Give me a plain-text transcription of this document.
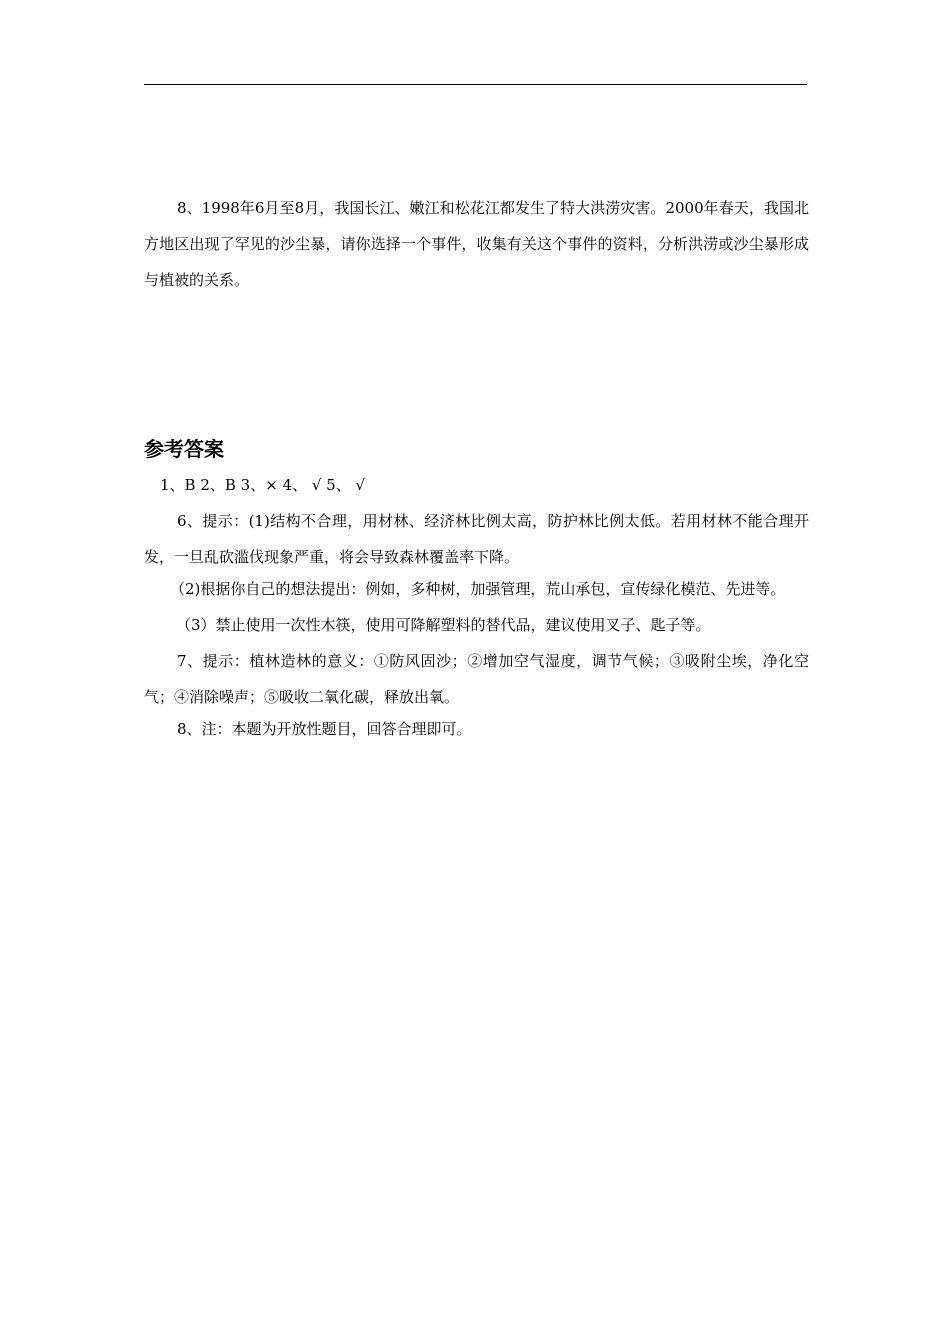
8、1998年6月至8月，我国长江、嫩江和松花江都发生了特大洪涝灾害。2000年春天，我国北方地区出现了罕见的沙尘暴，请你选择一个事件，收集有关这个事件的资料，分析洪涝或沙尘暴形成与植被的关系。

参考答案

1、B 2、B 3、× 4、 √ 5、 √

6、提示：(1)结构不合理，用材林、经济林比例太高，防护林比例太低。若用材林不能合理开发，一旦乱砍滥伐现象严重，将会导致森林覆盖率下降。

（2)根据你自己的想法提出：例如，多种树，加强管理，荒山承包，宣传绿化模范、先进等。

（3）禁止使用一次性木筷，使用可降解塑料的替代品，建议使用叉子、匙子等。

7、提示：植林造林的意义：①防风固沙；②增加空气湿度，调节气候；③吸附尘埃，净化空气；④消除噪声；⑤吸收二氧化碳，释放出氧。

8、注：本题为开放性题目，回答合理即可。
